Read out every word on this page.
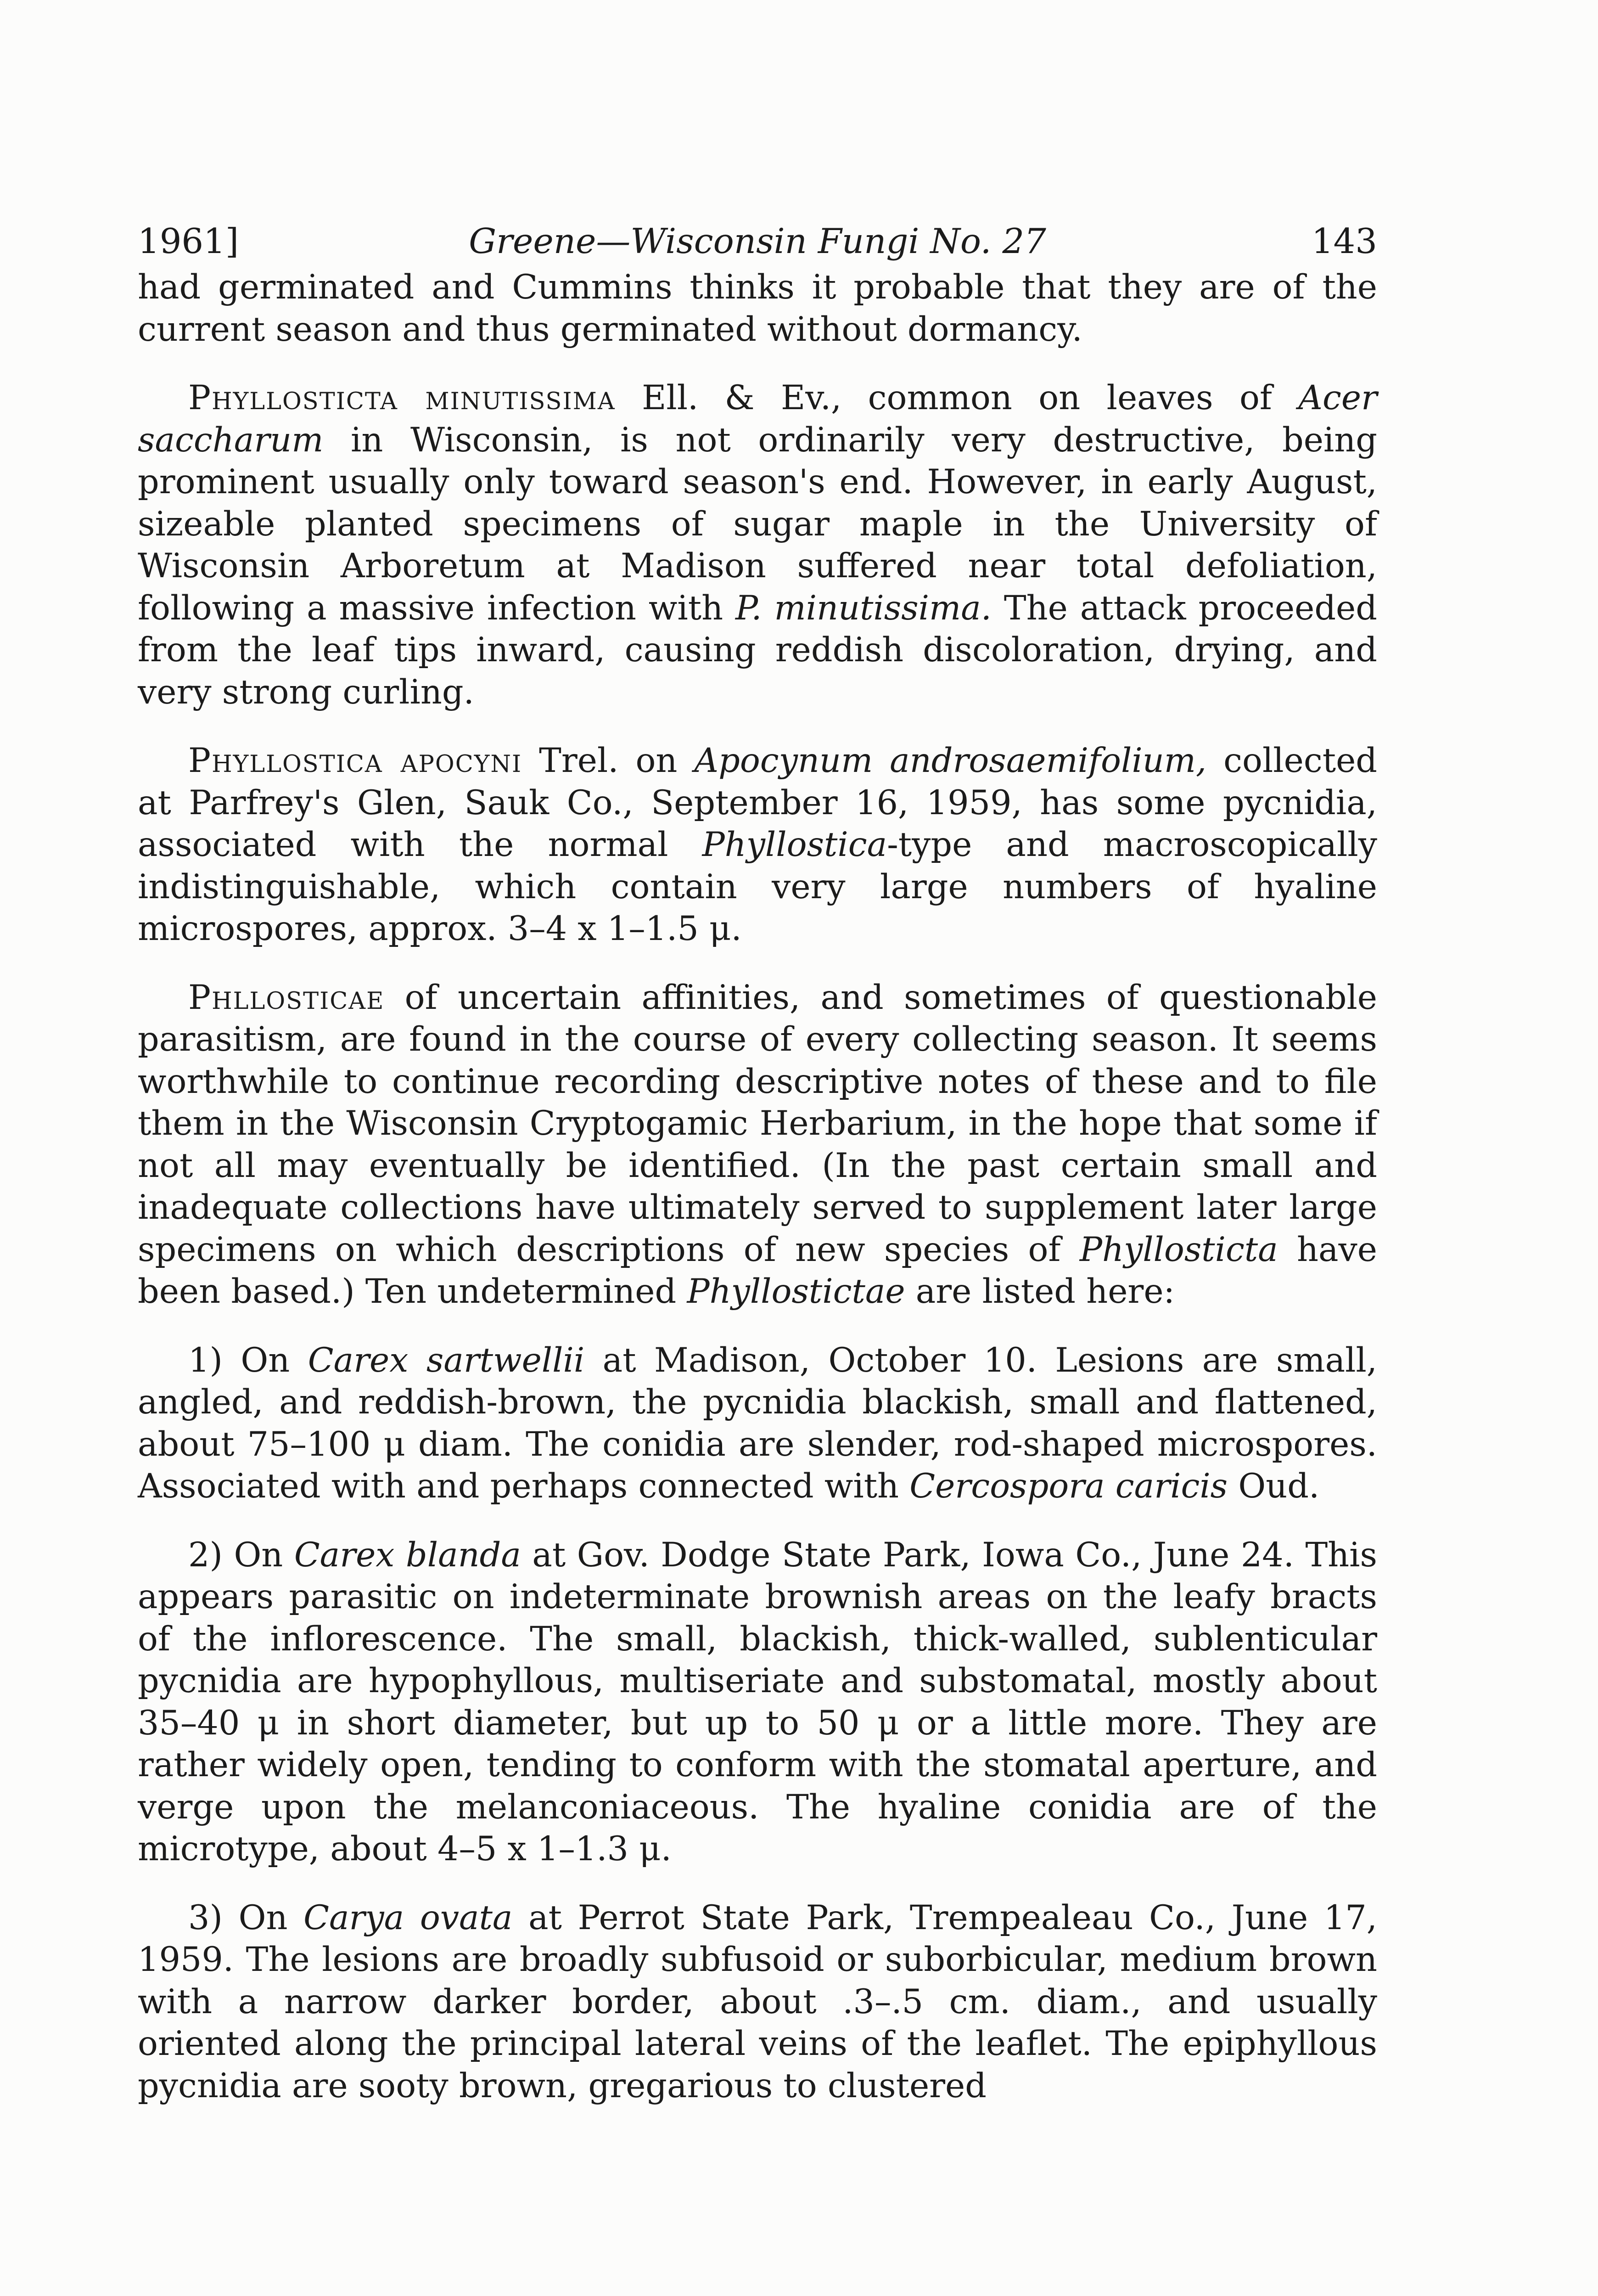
1961]	Greene—Wisconsin Fungi No. 27	143

had germinated and Cummins thinks it probable that they are of the current season and thus germinated without dormancy.

Phyllosticta minutissima Ell. & Ev., common on leaves of Acer saccharum in Wisconsin, is not ordinarily very destructive, being prominent usually only toward season's end. However, in early August, sizeable planted specimens of sugar maple in the University of Wisconsin Arboretum at Madison suffered near total defoliation, following a massive infection with P. minutissima. The attack proceeded from the leaf tips inward, causing reddish discoloration, drying, and very strong curling.

Phyllostica apocyni Trel. on Apocynum androsaemifolium, collected at Parfrey's Glen, Sauk Co., September 16, 1959, has some pycnidia, associated with the normal Phyllostica-type and macroscopically indistinguishable, which contain very large numbers of hyaline microspores, approx. 3–4 x 1–1.5 μ.

Phllosticae of uncertain affinities, and sometimes of questionable parasitism, are found in the course of every collecting season. It seems worthwhile to continue recording descriptive notes of these and to file them in the Wisconsin Cryptogamic Herbarium, in the hope that some if not all may eventually be identified. (In the past certain small and inadequate collections have ultimately served to supplement later large specimens on which descriptions of new species of Phyllosticta have been based.) Ten undetermined Phyllostictae are listed here:

1) On Carex sartwellii at Madison, October 10. Lesions are small, angled, and reddish-brown, the pycnidia blackish, small and flattened, about 75–100 μ diam. The conidia are slender, rod-shaped microspores. Associated with and perhaps connected with Cercospora caricis Oud.

2) On Carex blanda at Gov. Dodge State Park, Iowa Co., June 24. This appears parasitic on indeterminate brownish areas on the leafy bracts of the inflorescence. The small, blackish, thick-walled, sublenticular pycnidia are hypophyllous, multiseriate and substomatal, mostly about 35–40 μ in short diameter, but up to 50 μ or a little more. They are rather widely open, tending to conform with the stomatal aperture, and verge upon the melanconiaceous. The hyaline conidia are of the microtype, about 4–5 x 1–1.3 μ.

3) On Carya ovata at Perrot State Park, Trempealeau Co., June 17, 1959. The lesions are broadly subfusoid or suborbicular, medium brown with a narrow darker border, about .3–.5 cm. diam., and usually oriented along the principal lateral veins of the leaflet. The epiphyllous pycnidia are sooty brown, gregarious to clustered
